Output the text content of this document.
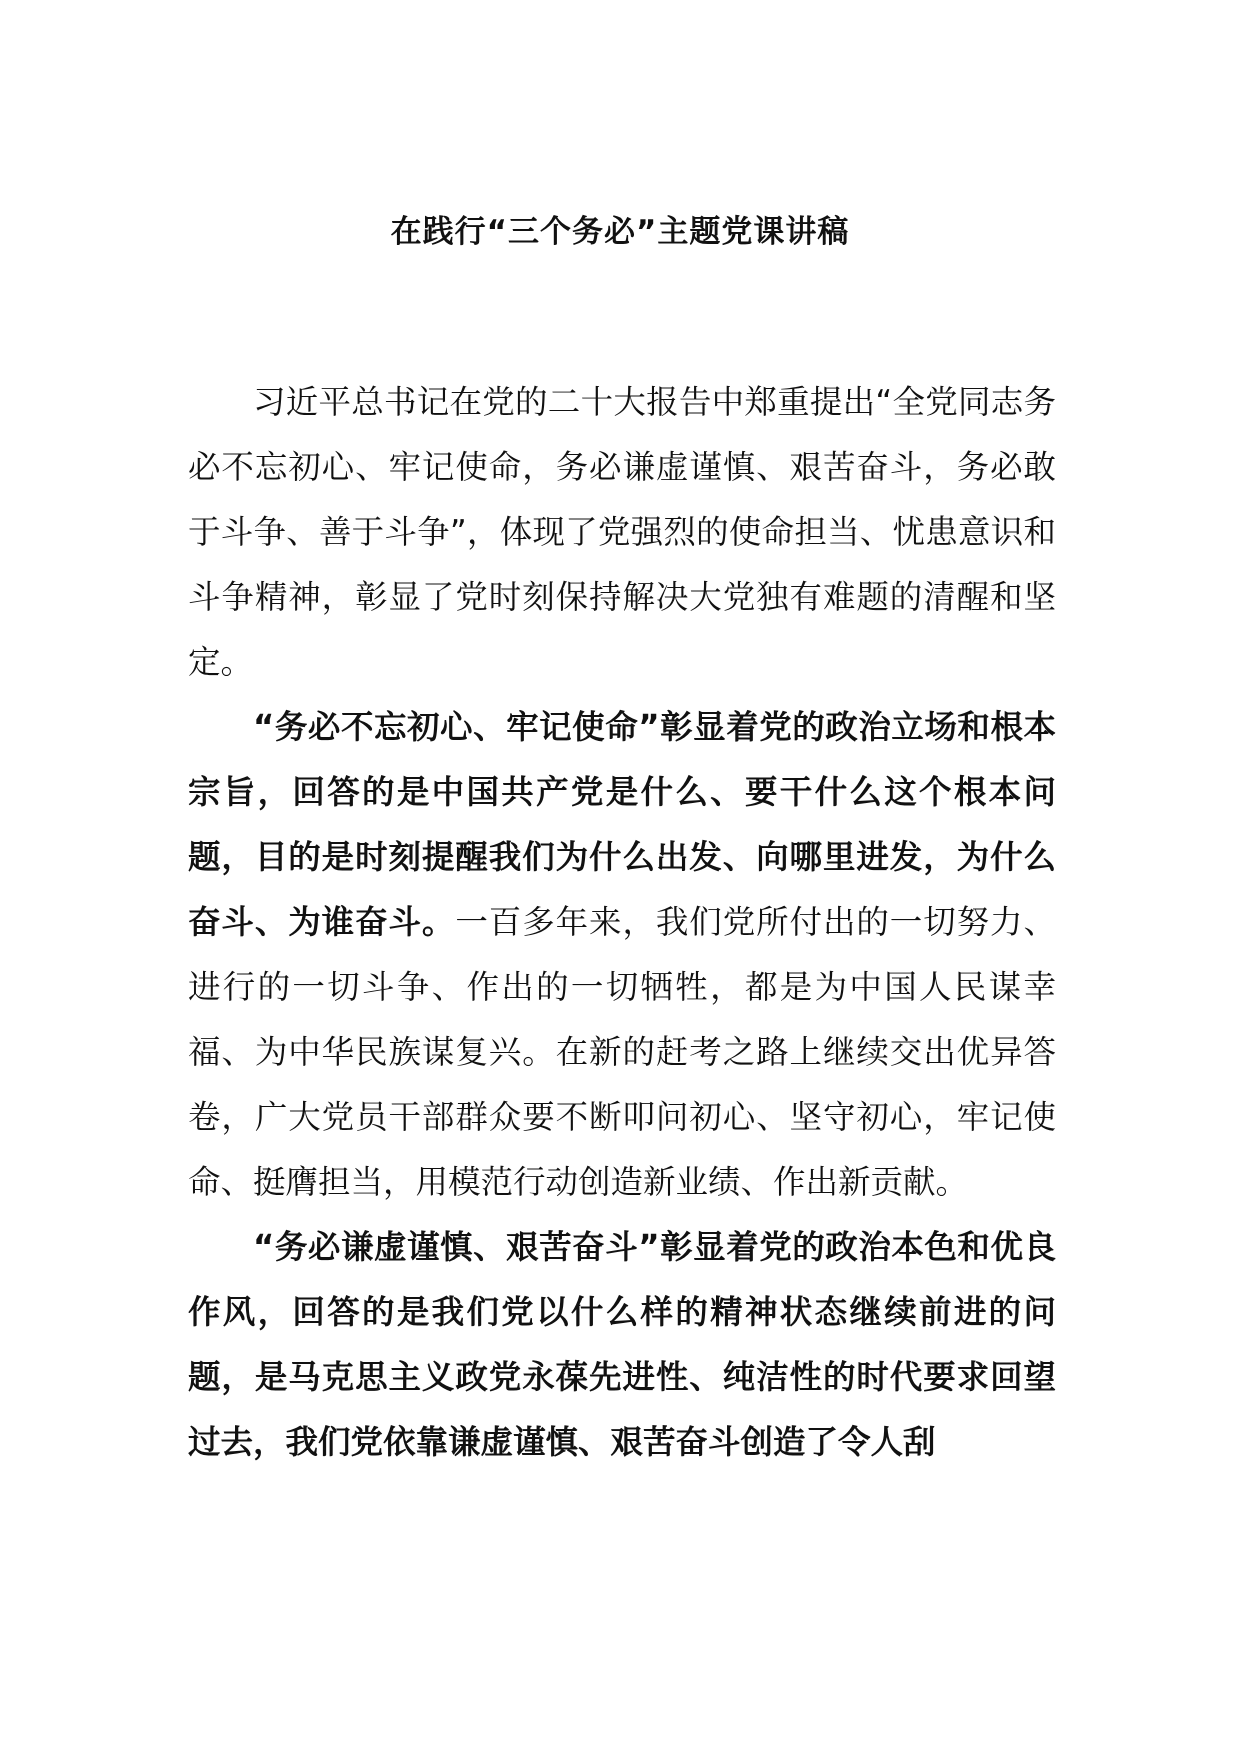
在践行“三个务必”主题党课讲稿

习近平总书记在党的二十大报告中郑重提出“全党同志务必不忘初心、牢记使命，务必谦虚谨慎、艰苦奋斗，务必敢于斗争、善于斗争”，体现了党强烈的使命担当、忧患意识和斗争精神，彰显了党时刻保持解决大党独有难题的清醒和坚定。

“务必不忘初心、牢记使命”彰显着党的政治立场和根本宗旨，回答的是中国共产党是什么、要干什么这个根本问题，目的是时刻提醒我们为什么出发、向哪里进发，为什么奋斗、为谁奋斗。一百多年来，我们党所付出的一切努力、进行的一切斗争、作出的一切牺牲，都是为中国人民谋幸福、为中华民族谋复兴。在新的赶考之路上继续交出优异答卷，广大党员干部群众要不断叩问初心、坚守初心，牢记使命、挺膺担当，用模范行动创造新业绩、作出新贡献。

“务必谦虚谨慎、艰苦奋斗”彰显着党的政治本色和优良作风，回答的是我们党以什么样的精神状态继续前进的问题，是马克思主义政党永葆先进性、纯洁性的时代要求回望过去，我们党依靠谦虚谨慎、艰苦奋斗创造了令人刮
